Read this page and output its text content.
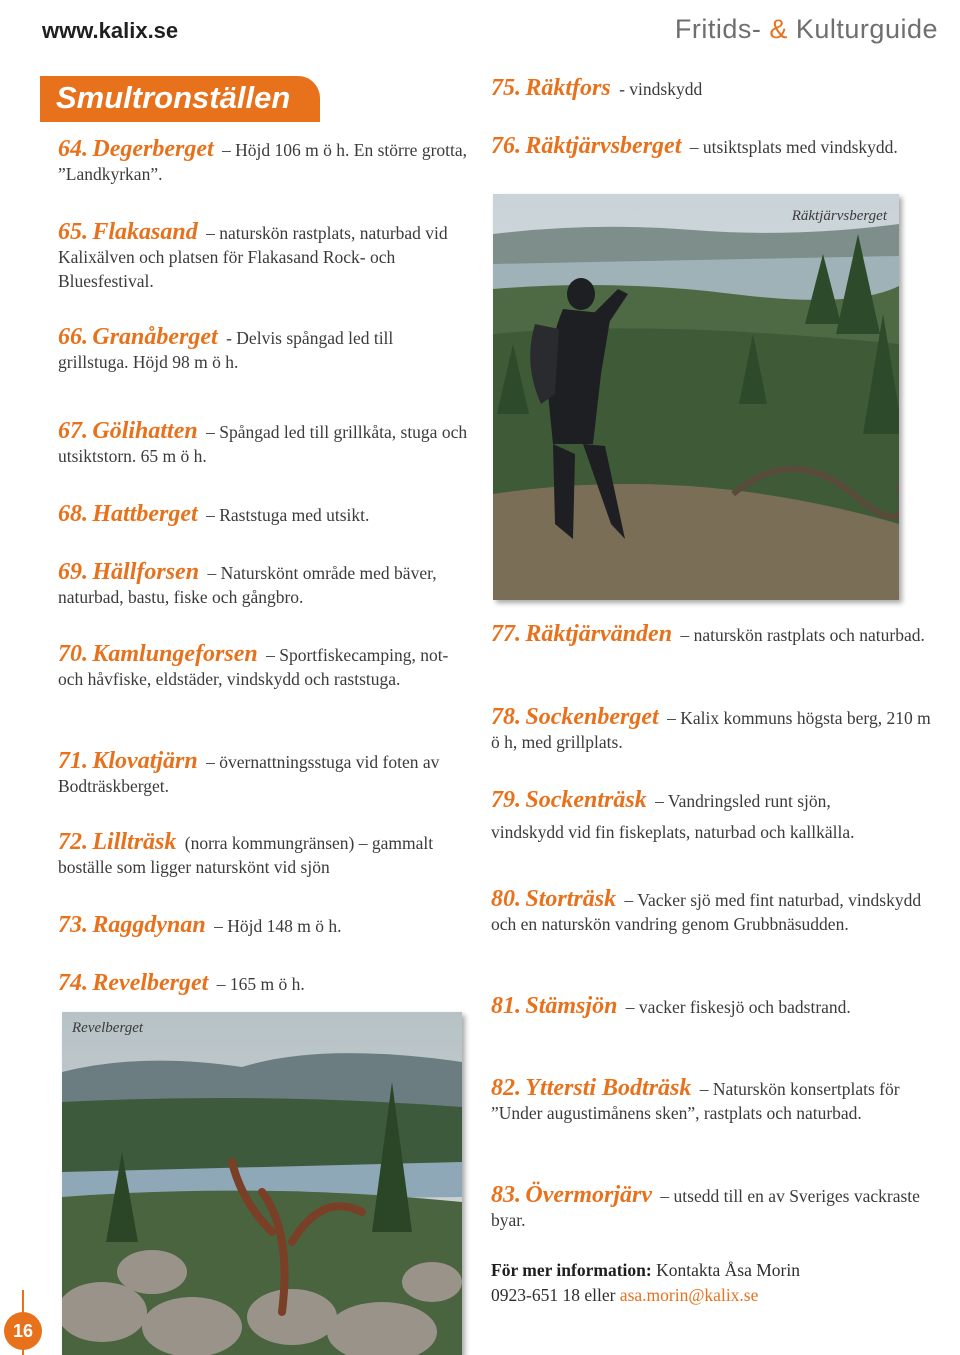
www.kalix.se	Fritids- & Kulturguide
Smultronställen
64. Degerberget – Höjd 106 m ö h. En större grotta, ”Landkyrkan”.
65. Flakasand – naturskön rastplats, naturbad vid Kalixälven och platsen för Flakasand Rock- och Bluesfestival.
66. Granåberget - Delvis spångad led till grillstuga. Höjd 98 m ö h.
67. Gölihatten – Spångad led till grillkåta, stuga och utsiktstorn. 65 m ö h.
68. Hattberget – Raststuga med utsikt.
69. Hällforsen – Naturskönt område med bäver, naturbad, bastu, fiske och gångbro.
70. Kamlungeforsen – Sportfiskecamping, not- och håvfiske, eldstäder, vindskydd och raststuga.
71. Klovatjärn – övernattningsstuga vid foten av Bodträskberget.
72. Lillträsk (norra kommungränsen) – gammalt boställe som ligger naturskönt vid sjön
73. Raggdynan – Höjd 148 m ö h.
74. Revelberget – 165 m ö h.
75. Räktfors - vindskydd
76. Räktjärvsberget – utsiktsplats med vindskydd.
Räktjärvsberget
Revelberget
77. Räktjärvänden – naturskön rastplats och naturbad.
78. Sockenberget – Kalix kommuns högsta berg, 210 m ö h, med grillplats.
79. Sockenträsk – Vandringsled runt sjön,
vindskydd vid fin fiskeplats, naturbad och kallkälla.
80. Storträsk – Vacker sjö med fint naturbad, vindskydd och en naturskön vandring genom Grubbnäsudden.
81. Stämsjön – vacker fiskesjö och badstrand.
82. Yttersti Bodträsk – Naturskön konsertplats för ”Under augustimånens sken”, rastplats och naturbad.
83. Övermorjärv – utsedd till en av Sveriges vackraste byar.
För mer information: Kontakta Åsa Morin
0923-651 18 eller asa.morin@kalix.se
16
